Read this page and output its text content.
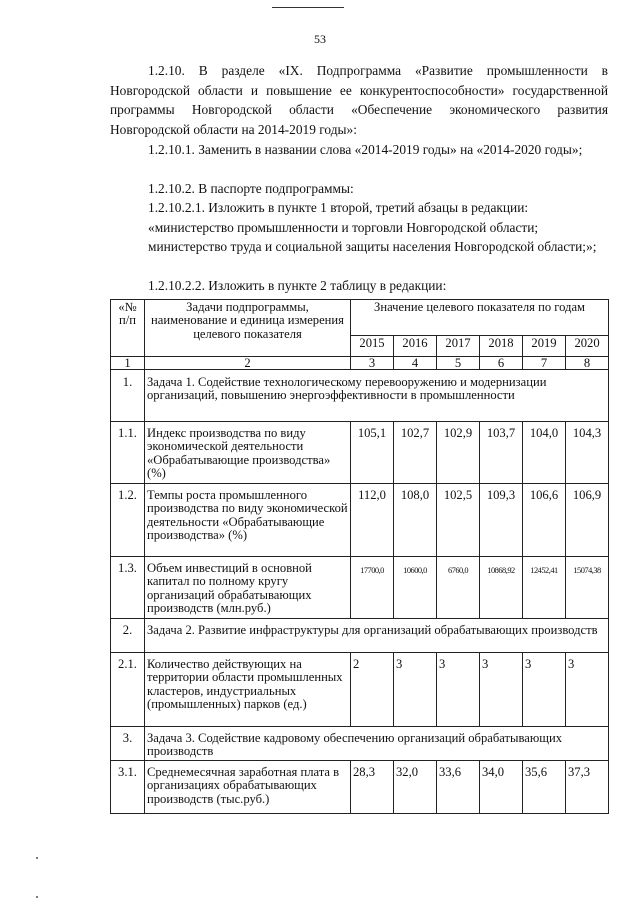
53

1.2.10. В разделе «IX. Подпрограмма «Развитие промышленности в Новгородской области и повышение ее конкурентоспособности» государственной программы Новгородской области «Обеспечение экономического развития Новгородской области на 2014-2019 годы»:

1.2.10.1. Заменить в названии слова «2014-2019 годы» на «2014-2020 годы»;

1.2.10.2. В паспорте подпрограммы:

1.2.10.2.1. Изложить в пункте 1 второй, третий абзацы в редакции:

«министерство промышленности и торговли Новгородской области;

министерство труда и социальной защиты населения Новгородской области;»;

1.2.10.2.2. Изложить в пункте 2 таблицу в редакции:

«№ п/п	Задачи подпрограммы, наименование и единица измерения целевого показателя	Значение целевого показателя по годам					
		2015	2016	2017	2018	2019	2020
1	2	3	4	5	6	7	8
1.	Задача 1. Содействие технологическому перевооружению и модернизации организаций, повышению энергоэффективности в промышленности						
1.1.	Индекс производства по виду экономической деятельности «Обрабатывающие производства» (%)	105,1	102,7	102,9	103,7	104,0	104,3
1.2.	Темпы роста промышленного производства по виду экономической деятельности «Обрабатывающие производства» (%)	112,0	108,0	102,5	109,3	106,6	106,9
1.3.	Объем инвестиций в основной капитал по полному кругу организаций обрабатывающих производств (млн.руб.)	17700,0	10600,0	6760,0	10868,92	12452,41	15074,38
2.	Задача 2. Развитие инфраструктуры для организаций обрабатывающих производств						
2.1.	Количество действующих на территории области промышленных кластеров, индустриальных (промышленных) парков (ед.)	2	3	3	3	3	3
3.	Задача 3. Содействие кадровому обеспечению организаций обрабатывающих производств						
3.1.	Среднемесячная заработная плата в организациях обрабатывающих производств (тыс.руб.)	28,3	32,0	33,6	34,0	35,6	37,3
